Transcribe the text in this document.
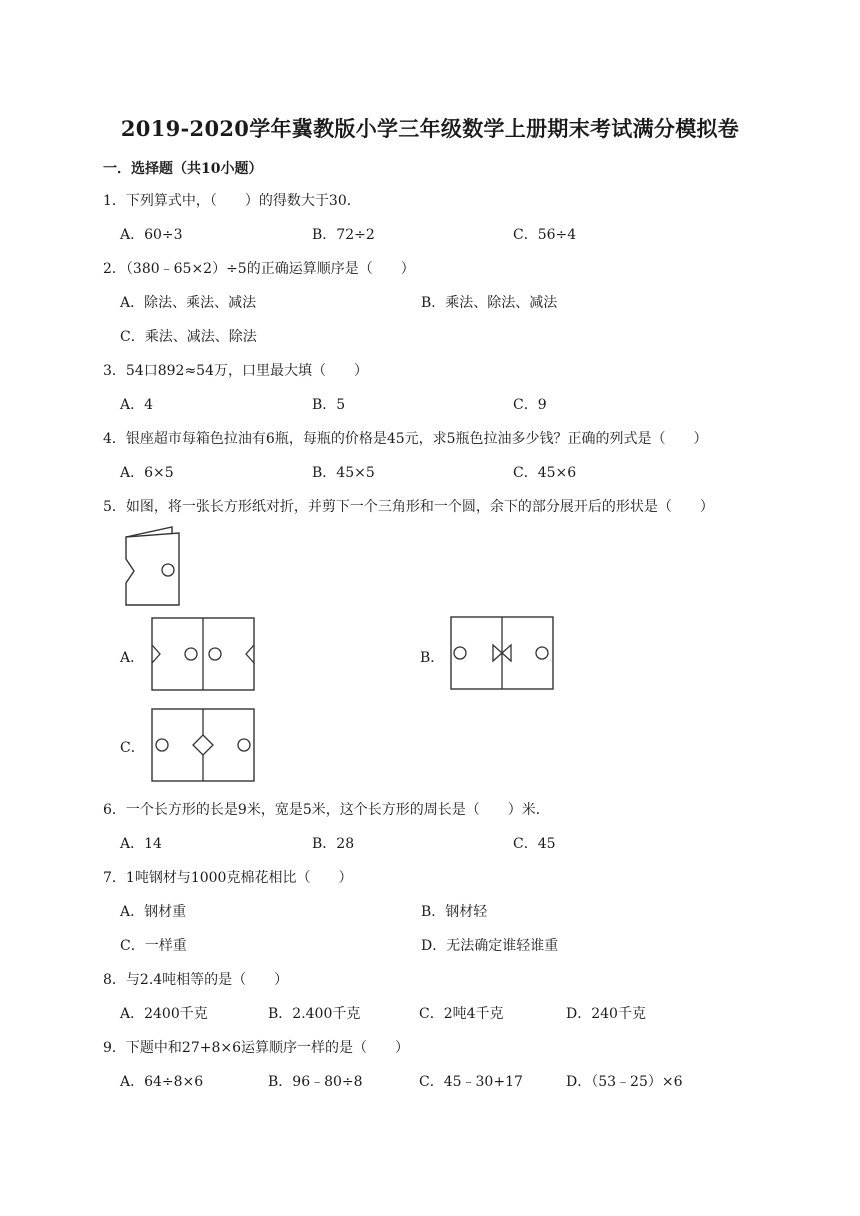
2019-2020学年冀教版小学三年级数学上册期末考试满分模拟卷
一．选择题（共10小题）
1．下列算式中，（　　）的得数大于30．
A．60÷3	B．72÷2	C．56÷4
2．（380﹣65×2）÷5的正确运算顺序是（　　）
A．除法、乘法、减法	B．乘法、除法、减法
C．乘法、减法、除法
3．54口892≈54万，口里最大填（　　）
A．4	B．5	C．9
4．银座超市每箱色拉油有6瓶，每瓶的价格是45元，求5瓶色拉油多少钱？正确的列式是（　　）
A．6×5	B．45×5	C．45×6
5．如图，将一张长方形纸对折，并剪下一个三角形和一个圆，余下的部分展开后的形状是（　　）
A．	B．
C．
6．一个长方形的长是9米，宽是5米，这个长方形的周长是（　　）米．
A．14	B．28	C．45
7．1吨钢材与1000克棉花相比（　　）
A．钢材重	B．钢材轻
C．一样重	D．无法确定谁轻谁重
8．与2.4吨相等的是（　　）
A．2400千克	B．2.400千克	C．2吨4千克	D．240千克
9．下题中和27+8×6运算顺序一样的是（　　）
A．64÷8×6	B．96﹣80÷8	C．45﹣30+17	D．（53﹣25）×6
